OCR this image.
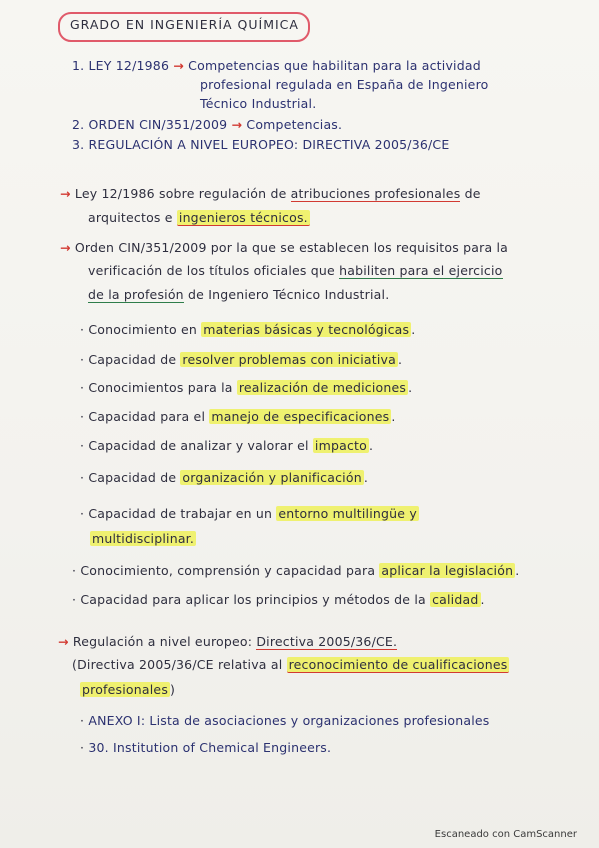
GRADO EN INGENIERÍA QUÍMICA
1. LEY 12/1986 → Competencias que habilitan para la actividad
profesional regulada en España de Ingeniero
Técnico Industrial.
2. ORDEN CIN/351/2009 → Competencias.
3. REGULACIÓN A NIVEL EUROPEO: DIRECTIVA 2005/36/CE
→ Ley 12/1986 sobre regulación de atribuciones profesionales de
arquitectos e ingenieros técnicos.
→ Orden CIN/351/2009 por la que se establecen los requisitos para la
verificación de los títulos oficiales que habiliten para el ejercicio
de la profesión de Ingeniero Técnico Industrial.
· Conocimiento en materias básicas y tecnológicas .
· Capacidad de resolver problemas con iniciativa .
· Conocimientos para la realización de mediciones .
· Capacidad para el manejo de especificaciones .
· Capacidad de analizar y valorar el impacto .
· Capacidad de organización y planificación .
· Capacidad de trabajar en un entorno multilingüe y
multidisciplinar.
· Conocimiento, comprensión y capacidad para aplicar la legislación .
· Capacidad para aplicar los principios y métodos de la calidad .
→ Regulación a nivel europeo: Directiva 2005/36/CE.
(Directiva 2005/36/CE relativa al reconocimiento de cualificaciones
profesionales )
· ANEXO I: Lista de asociaciones y organizaciones profesionales
· 30. Institution of Chemical Engineers.
Escaneado con CamScanner
